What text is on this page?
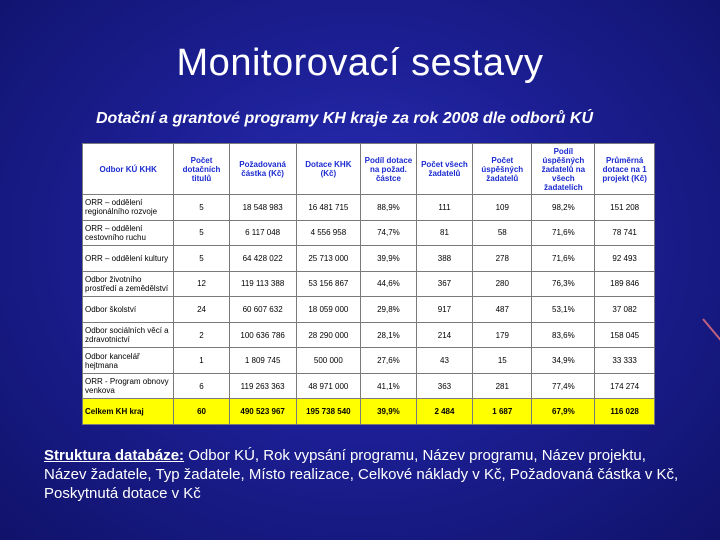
Monitorovací sestavy
Dotační a grantové programy KH kraje za rok 2008 dle odborů KÚ
Odbor KÚ KHK	Počet dotačních titulů	Požadovaná částka (Kč)	Dotace KHK (Kč)	Podíl dotace na požad. částce	Počet všech žadatelů	Počet úspěšných žadatelů	Podíl úspěšných žadatelů na všech žadatelích	Průměrná dotace na 1 projekt (Kč)
ORR – oddělení regionálního rozvoje	5	18 548 983	16 481 715	88,9%	111	109	98,2%	151 208
ORR – oddělení cestovního ruchu	5	6 117 048	4 556 958	74,7%	81	58	71,6%	78 741
ORR – oddělení kultury	5	64 428 022	25 713 000	39,9%	388	278	71,6%	92 493
Odbor životního prostředí a zemědělství	12	119 113 388	53 156 867	44,6%	367	280	76,3%	189 846
Odbor školství	24	60 607 632	18 059 000	29,8%	917	487	53,1%	37 082
Odbor sociálních věcí a zdravotnictví	2	100 636 786	28 290 000	28,1%	214	179	83,6%	158 045
Odbor kancelář hejtmana	1	1 809 745	500 000	27,6%	43	15	34,9%	33 333
ORR - Program obnovy venkova	6	119 263 363	48 971 000	41,1%	363	281	77,4%	174 274
Celkem KH kraj	60	490 523 967	195 738 540	39,9%	2 484	1 687	67,9%	116 028
Struktura databáze: Odbor KÚ, Rok vypsání programu, Název programu, Název projektu, Název žadatele, Typ žadatele, Místo realizace, Celkové náklady v Kč, Požadovaná částka v Kč, Poskytnutá dotace v Kč
